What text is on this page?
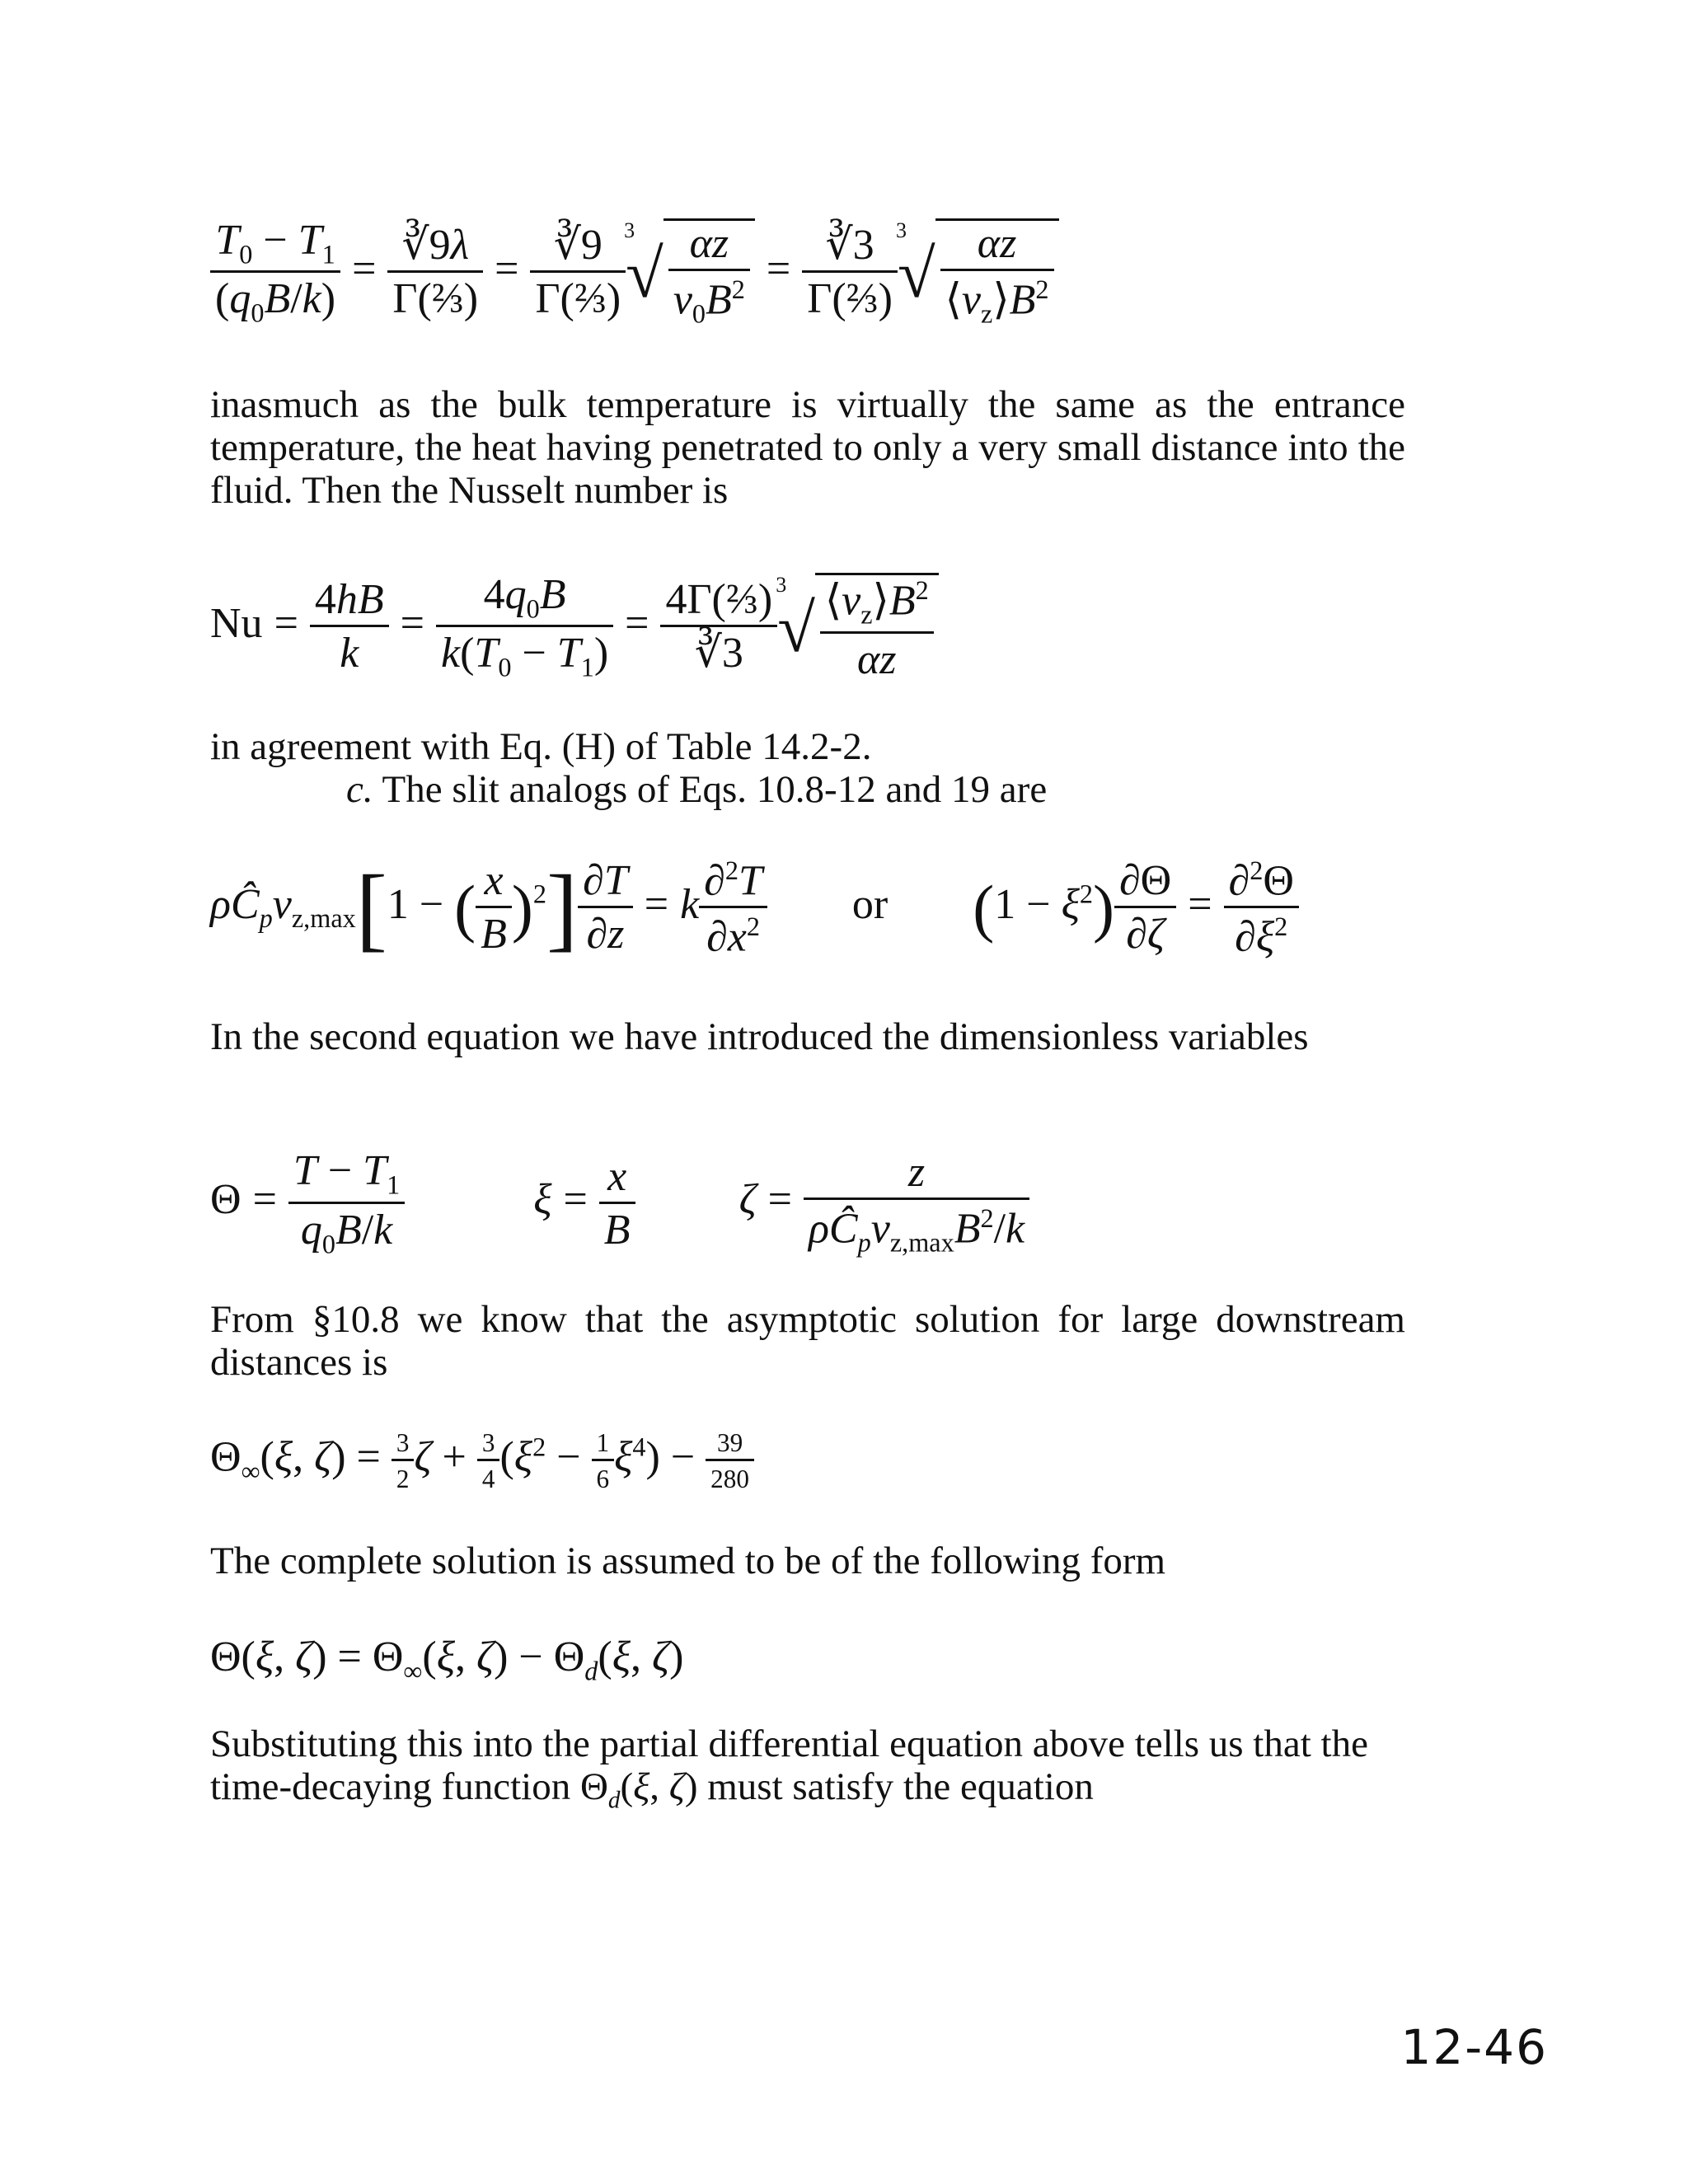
$\frac{T_0 - T_1}{(q_0B/k)} = \frac{∛9\lambda}{\text{Γ(⅔)}} = \frac{∛9}{\text{Γ(⅔)}}$
3
√ $\frac{\alpha z}{v_0B^2} = \frac{∛3}{\text{Γ(⅔)}}$
3
√ $\frac{\alpha z}{⟨v_z⟩B^2}$
inasmuch as the bulk temperature is virtually the same as the entrance temperature, the heat having penetrated to only a very small distance into the fluid. Then the Nusselt number is
$Nu = \frac{4hB}{k} = \frac{4q_0B}{k(T_0 - T_1)} = \frac{\text{4Γ(⅔)}}{∛3}$
3
√ $\frac{⟨v_z⟩B^2}{\alpha z}$
in agreement with Eq. (H) of Table 14.2-2.
c. The slit analogs of Eqs. 10.8-12 and 19 are
$\rho Ĉ_pv_{z,max}[1$ − ( $\frac{x}{B} )^2] \frac{\partial T}{\partial z} = k \frac{\partial^2T}{\partial x^2}$ or $(1 - \xi^2) \frac{\partial\Theta}{\partial\zeta} = \frac{\partial^2\Theta}{\partial\xi^2}$
In the second equation we have introduced the dimensionless variables
$\Theta = \frac{T - T_1}{q_0B/k}$	$\xi = \frac{x}{B}$ $\zeta = \frac{z}{\rho Ĉ_pv_{z,max}B^2/k}$
From §10.8 we know that the asymptotic solution for large downstream distances is
$\Theta_\infty(\xi$, $\zeta) = \frac{3}{2}$ $\zeta + \frac{3}{4} (\xi^2 - \frac{1}{6} \xi^4) - \frac{39}{280}$
The complete solution is assumed to be of the following form
Θ(ξ, $\zeta) = \Theta_\infty(\xi$, $\zeta) - \Theta_d(\xi$, ζ)
Substituting this into the partial differential equation above tells us that the time-decaying function $\Theta_d(\xi$, ζ) must satisfy the equation
12-46
